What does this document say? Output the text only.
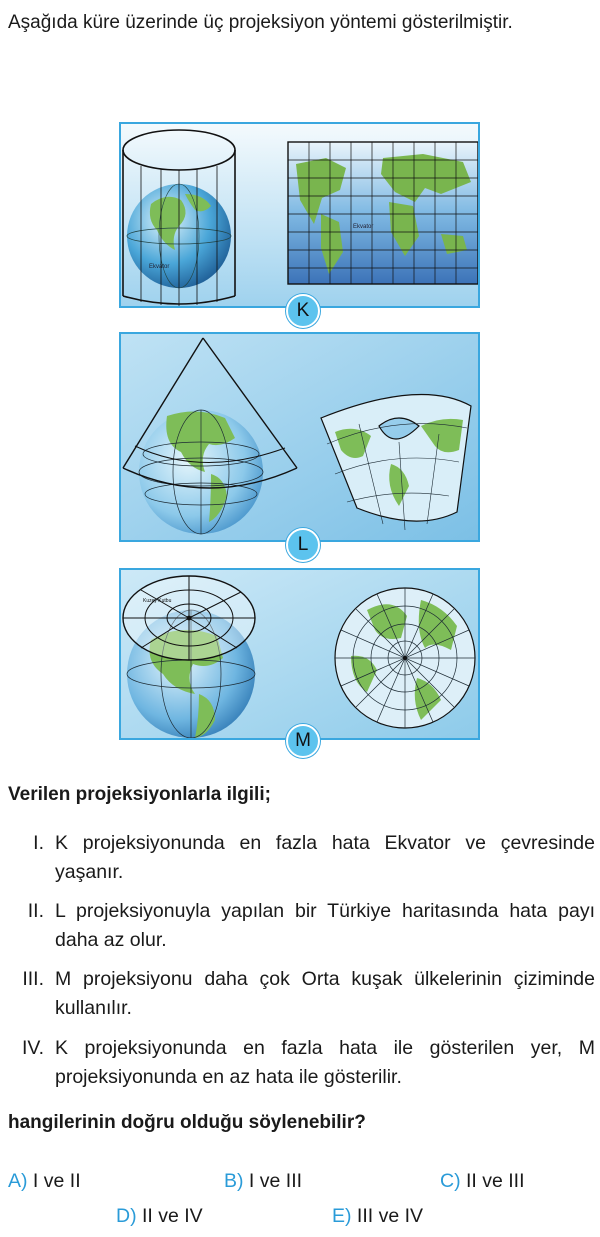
Aşağıda küre üzerinde üç projeksiyon yöntemi gösterilmiştir.
Ekvator
Ekvator
K
L
Kuzey Kutbu
M
Verilen projeksiyonlarla ilgili;
I. K projeksiyonunda en fazla hata Ekvator ve çevresinde yaşanır.
II. L projeksiyonuyla yapılan bir Türkiye haritasında hata payı daha az olur.
III. M projeksiyonu daha çok Orta kuşak ülkelerinin çiziminde kullanılır.
IV. K projeksiyonunda en fazla hata ile gösterilen yer, M projeksiyonunda en az hata ile gösterilir.
hangilerinin doğru olduğu söylenebilir?
A) I ve II	B) I ve III	C) II ve III
D) II ve IV	E) III ve IV
